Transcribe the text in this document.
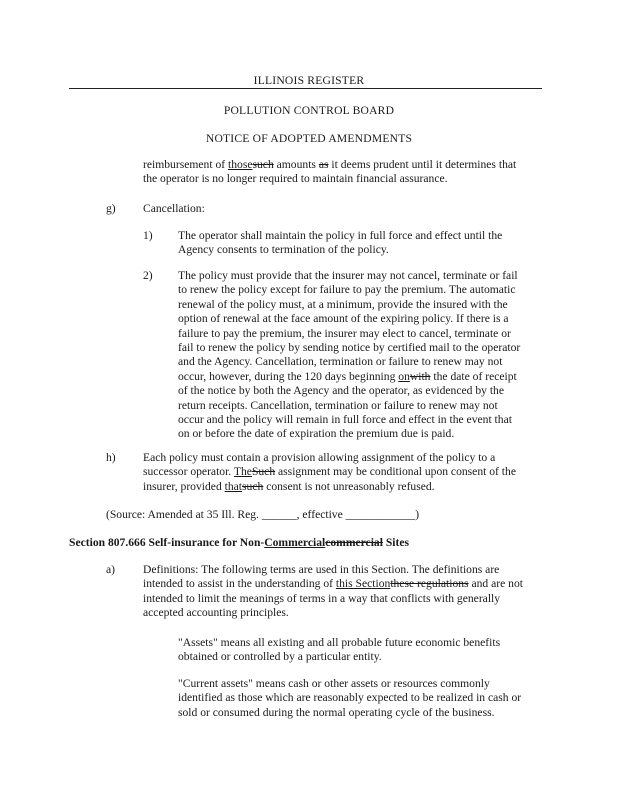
ILLINOIS REGISTER
POLLUTION CONTROL BOARD
NOTICE OF ADOPTED AMENDMENTS
reimbursement of thosesuch amounts as it deems prudent until it determines that
the operator is no longer required to maintain financial assurance.
g) Cancellation:
1) The operator shall maintain the policy in full force and effect until the
Agency consents to termination of the policy.
2) The policy must provide that the insurer may not cancel, terminate or fail
to renew the policy except for failure to pay the premium. The automatic
renewal of the policy must, at a minimum, provide the insured with the
option of renewal at the face amount of the expiring policy. If there is a
failure to pay the premium, the insurer may elect to cancel, terminate or
fail to renew the policy by sending notice by certified mail to the operator
and the Agency. Cancellation, termination or failure to renew may not
occur, however, during the 120 days beginning onwith the date of receipt
of the notice by both the Agency and the operator, as evidenced by the
return receipts. Cancellation, termination or failure to renew may not
occur and the policy will remain in full force and effect in the event that
on or before the date of expiration the premium due is paid.
h) Each policy must contain a provision allowing assignment of the policy to a
successor operator. TheSuch assignment may be conditional upon consent of the
insurer, provided thatsuch consent is not unreasonably refused.
(Source: Amended at 35 Ill. Reg. ______, effective ____________)
Section 807.666 Self-insurance for Non-Commercialcommercial Sites
a) Definitions: The following terms are used in this Section. The definitions are
intended to assist in the understanding of this Sectionthese regulations and are not
intended to limit the meanings of terms in a way that conflicts with generally
accepted accounting principles.
"Assets" means all existing and all probable future economic benefits
obtained or controlled by a particular entity.
"Current assets" means cash or other assets or resources commonly
identified as those which are reasonably expected to be realized in cash or
sold or consumed during the normal operating cycle of the business.
